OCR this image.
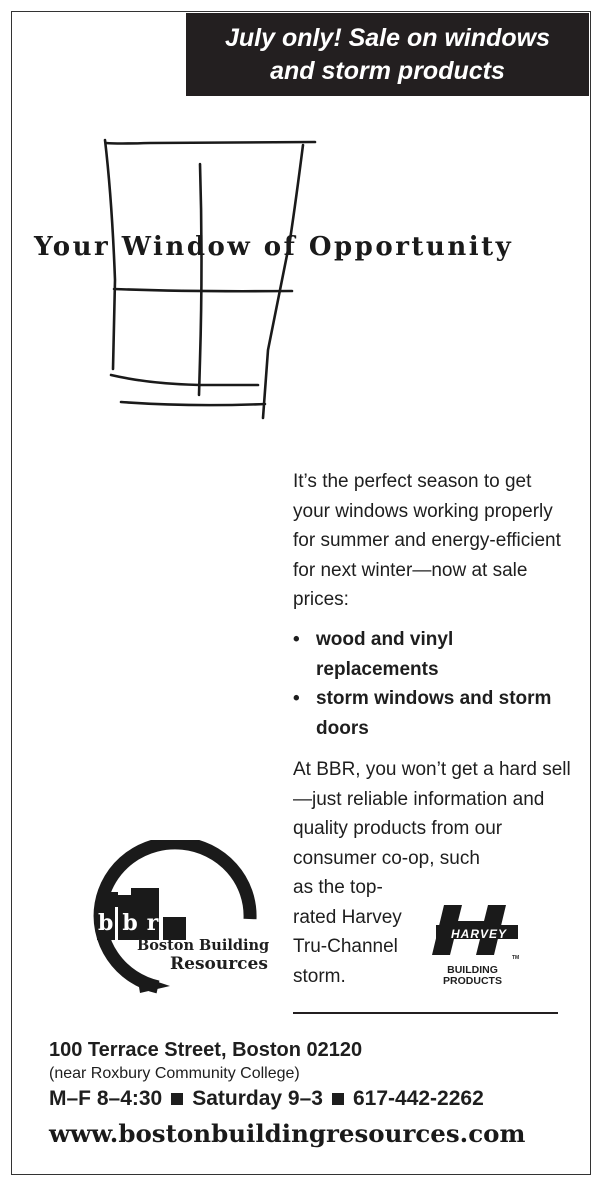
July only! Sale on windows
and storm products
Your Window of Opportunity
It’s the perfect season to get your windows working properly for summer and energy-efficient for next winter—now at sale prices:
• wood and vinyl replacements
• storm windows and storm doors
At BBR, you won’t get a hard sell—just reliable information and quality products from our consumer co-op, such
as the top-rated Harvey Tru-Channel storm.
bbr
Boston Building
Resources
HARVEY
BUILDING
PRODUCTS
TM
100 Terrace Street, Boston 02120
(near Roxbury Community College)
M–F 8–4:30 Saturday 9–3 617-442-2262
www.bostonbuildingresources.com
